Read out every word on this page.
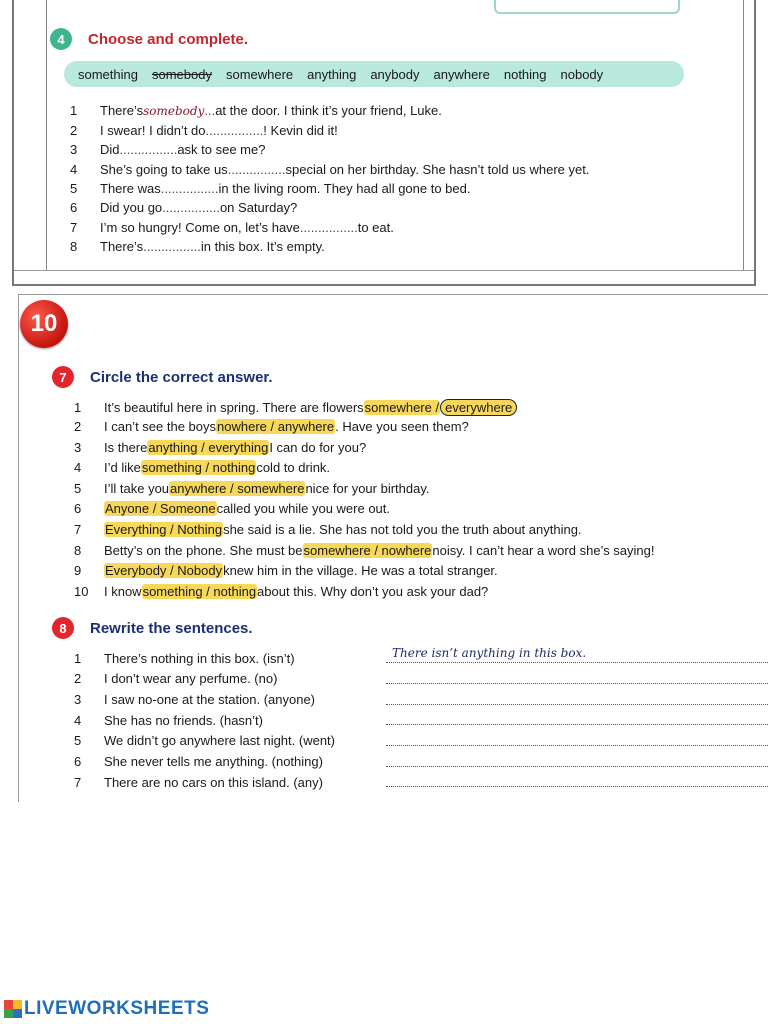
4	Choose and complete.
something somebody somewhere anything anybody anywhere nothing nobody
1	There’s somebody ... at the door. I think it’s your friend, Luke.
2	I swear! I didn’t do ................ ! Kevin did it!
3	Did ................ ask to see me?
4	She’s going to take us ................ special on her birthday. She hasn’t told us where yet.
5	There was ................ in the living room. They had all gone to bed.
6	Did you go ................ on Saturday?
7	I’m so hungry! Come on, let’s have ................ to eat.
8	There’s ................ in this box. It’s empty.
10
7	Circle the correct answer.
1	It’s beautiful here in spring. There are flowers somewhere / everywhere
2	I can’t see the boys nowhere / anywhere . Have you seen them?
3	Is there anything / everything I can do for you?
4	I’d like something / nothing cold to drink.
5	I’ll take you anywhere / somewhere nice for your birthday.
6	Anyone / Someone called you while you were out.
7	Everything / Nothing she said is a lie. She has not told you the truth about anything.
8	Betty’s on the phone. She must be somewhere / nowhere noisy. I can’t hear a word she’s saying!
9	Everybody / Nobody knew him in the village. He was a total stranger.
10	I know something / nothing about this. Why don’t you ask your dad?
8	Rewrite the sentences.
1	There’s nothing in this box. (isn’t)	There isn’t anything in this box.
2	I don’t wear any perfume. (no)
3	I saw no-one at the station. (anyone)
4	She has no friends. (hasn’t)
5	We didn’t go anywhere last night. (went)
6	She never tells me anything. (nothing)
7	There are no cars on this island. (any)
LIVEWORKSHEETS
